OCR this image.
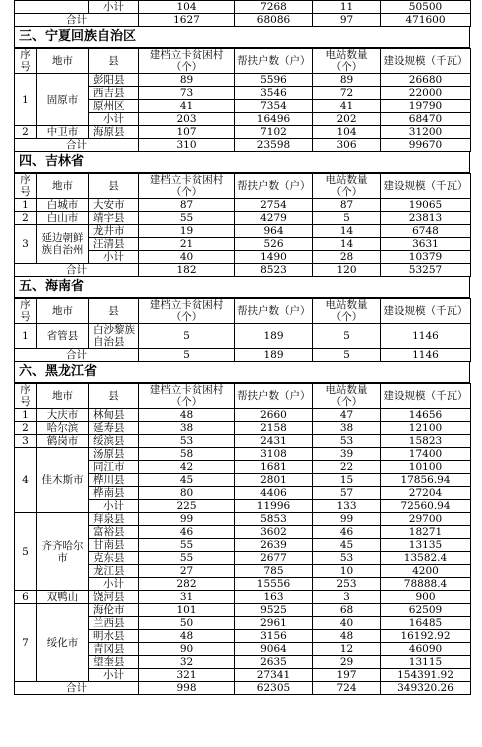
	小计	104	7268	11	50500
合计		1627	68086	97	471600
三、宁夏回族自治区
序号	地市	县	建档立卡贫困村（个）	帮扶户数（户）	电站数量（个）	建设规模（千瓦）
1	固原市	彭阳县	89	5596	89	26680
		西吉县	73	3546	72	22000
		原州区	41	7354	41	19790
		小计	203	16496	202	68470
2	中卫市	海原县	107	7102	104	31200
合计			310	23598	306	99670
四、吉林省
序号	地市	县	建档立卡贫困村（个）	帮扶户数（户）	电站数量（个）	建设规模（千瓦）
1	白城市	大安市	87	2754	87	19065
2	白山市	靖宇县	55	4279	5	23813
3	延边朝鲜族自治州	龙井市	19	964	14	6748
		汪清县	21	526	14	3631
		小计	40	1490	28	10379
合计			182	8523	120	53257
五、海南省
序号	地市	县	建档立卡贫困村（个）	帮扶户数（户）	电站数量（个）	建设规模（千瓦）
1	省管县	白沙黎族自治县	5	189	5	1146
合计			5	189	5	1146
六、黑龙江省
序号	地市	县	建档立卡贫困村（个）	帮扶户数（户）	电站数量（个）	建设规模（千瓦）
1	大庆市	林甸县	48	2660	47	14656
2	哈尔滨	延寿县	38	2158	38	12100
3	鹤岗市	绥滨县	53	2431	53	15823
4	佳木斯市	汤原县	58	3108	39	17400
		同江市	42	1681	22	10100
		桦川县	45	2801	15	17856.94
		桦南县	80	4406	57	27204
		小计	225	11996	133	72560.94
5	齐齐哈尔市	拜泉县	99	5853	99	29700
		富裕县	46	3602	46	18271
		甘南县	55	2639	45	13135
		克东县	55	2677	53	13582.4
		龙江县	27	785	10	4200
		小计	282	15556	253	78888.4
6	双鸭山	饶河县	31	163	3	900
7	绥化市	海伦市	101	9525	68	62509
		兰西县	50	2961	40	16485
		明水县	48	3156	48	16192.92
		青冈县	90	9064	12	46090
		望奎县	32	2635	29	13115
		小计	321	27341	197	154391.92
合计			998	62305	724	349320.26
